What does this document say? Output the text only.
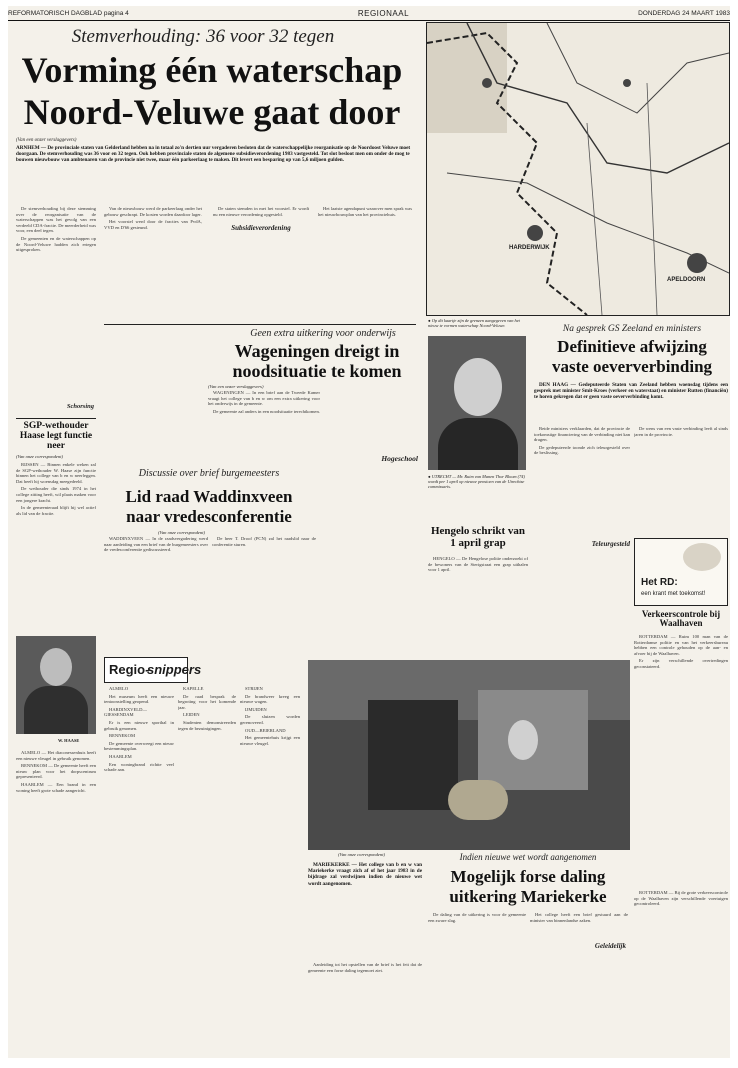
REFORMATORISCH DAGBLAD pagina 4	REGIONAAL	DONDERDAG 24 MAART 1983
Stemverhouding: 36 voor 32 tegen
Vorming één waterschap
Noord-Veluwe gaat door
(Van een onzer verslaggevers)
ARNHEM — De provinciale staten van Gelderland hebben na in totaal zo'n dertien uur vergaderen besloten dat de waterschappelijke reorganisatie op de Noordoost Veluwe moet doorgaan. De stemverhouding was 36 voor en 32 tegen. Ook hebben provinciale staten de algemene subsidieverordening 1983 vastgesteld. Tot slot besloot men om onder de mog te bouwen nieuwbouw van ambtenaren van de provincie niet twee, maar één parkeerlaag te maken. Dit levert een besparing op van 5,6 miljoen gulden.

De stemverhouding bij deze stemming over de reorganisatie van de waterschappen was het gevolg van een verdeeld CDA-fractie. De meerderheid was voor, een deel tegen.

De gemeenten en de waterschappen op de Noord-Veluwe hadden zich ertegen uitgesproken.

Van de nieuwbouw werd de parkeerlaag onder het gebouw geschrapt. De kosten worden daardoor lager.

Het voorstel werd door de fracties van PvdA, VVD en D'66 gesteund.

De staten stemden in met het voorstel. Er wordt nu een nieuwe verordening opgesteld.

Subsidieverordening

Het laatste agendapunt waarover men sprak was het nieuwbouwplan van het provinciehuis.

Schorsing
HARDERWIJK
APELDOORN
● Op dit kaartje zijn de grenzen aangegeven van het nieuw te vormen waterschap Noord-Veluwe.
SGP-wethouder Haase legt functie neer
(Van onze correspondent)

RIJSSEN — Binnen enkele weken zal de SGP-wethouder W. Haase zijn functie binnen het college van b en w neerleggen. Dat heeft hij woensdag meegedeeld.

De wethouder die sinds 1974 in het college zitting heeft, wil plaats maken voor een jongere kracht.

In de gemeenteraad blijft hij wel actief als lid van de fractie.

W. HAASE

ALMELO — Het diaconessenhuis heeft een nieuwe vleugel in gebruik genomen.

BENNEKOM — De gemeente heeft een nieuw plan voor het dorpscentrum gepresenteerd.

HAARLEM — Een brand in een woning heeft grote schade aangericht.

Geen extra uitkering voor onderwijs
Wageningen dreigt in
noodsituatie te komen
(Van een onzer verslaggevers)

WAGENINGEN — In een brief aan de Tweede Kamer vraagt het college van b en w om een extra uitkering voor het onderwijs in de gemeente.

De gemeente zal anders in een noodsituatie terechtkomen.

Hogeschool
● UTRECHT — Mr. Ruim van Manen Thor Bloom (74) wordt per 1 april op nieuwe pensioen van de Utrechtse commissaris.
Na gesprek GS Zeeland en ministers
Definitieve afwijzing
vaste oeververbinding

DEN HAAG — Gedeputeerde Staten van Zeeland hebben woensdag tijdens een gesprek met minister Smit-Kroes (verkeer en waterstaat) en minister Rutten (financiën) te horen gekregen dat er geen vaste oeververbinding komt.

Beide ministers verklaarden, dat de provincie de toekomstige financiering van de verbinding niet kan dragen.

De gedeputeerde toonde zich teleurgesteld over de beslissing.

Teleurgesteld

De wens van een vaste verbinding leeft al sinds jaren in de provincie.

Het RD:
een krant met toekomst!
Verkeerscontrole bij Waalhaven

ROTTERDAM — Ruim 100 man van de Rotterdamse politie en van het verkeersbureau hebben een controle gehouden op de aan- en afvoer bij de Waalhaven.

Er zijn verschillende overtredingen geconstateerd.

Discussie over brief burgemeesters
Lid raad Waddinxveen
naar vredesconferentie
(Van onze correspondent)

WADDINXVEEN — In de raadsvergadering werd naar aanleiding van een brief van de burgemeesters over de vredesconferentie gediscussieerd.

De heer T. Droof (PCN) zal het raadslid naar de conferentie sturen.

Hengelo schrikt van 1 april grap

HENGELO — De Hengelose politie onderzoekt of de bewoners van de Sterigstraat een grap uithalen voor 1 april.

Regio-
snippers

ALMELO

Het museum heeft een nieuwe tentoonstelling geopend.

HARDINXVELD—GIESSENDAM

Er is een nieuwe sporthal in gebruik genomen.

BENNEKOM

De gemeente overweegt een nieuw bestemmingsplan.

HAARLEM

Een woningbrand richtte veel schade aan.

KAPELLE

De raad besprak de begroting voor het komende jaar.

LEIDEN

Studenten demonstreerden tegen de bezuinigingen.

STRIJEN

De brandweer kreeg een nieuwe wagen.

IJMUIDEN

De sluizen worden gerenoveerd.

OUD—BEIERLAND

Het gemeentehuis krijgt een nieuwe vleugel.

(Van onze correspondent)	Indien nieuwe wet wordt aangenomen
Mogelijk forse daling
uitkering Mariekerke

MARIEKERKE — Het college van b en w van Mariekerke vraagt zich af of het jaar 1983 in de bijdrage zal verdwijnen indien de nieuwe wet wordt aangenomen.

Aanleiding tot het opstellen van de brief is het feit dat de gemeente een forse daling tegemoet ziet.

De daling van de uitkering is voor de gemeente een zware slag.

Het college heeft een brief gestuurd aan de minister van binnenlandse zaken.

Geleidelijk

ROTTERDAM — Bij de grote verkeerscontrole op de Waalhaven zijn verschillende voertuigen gecontroleerd.
